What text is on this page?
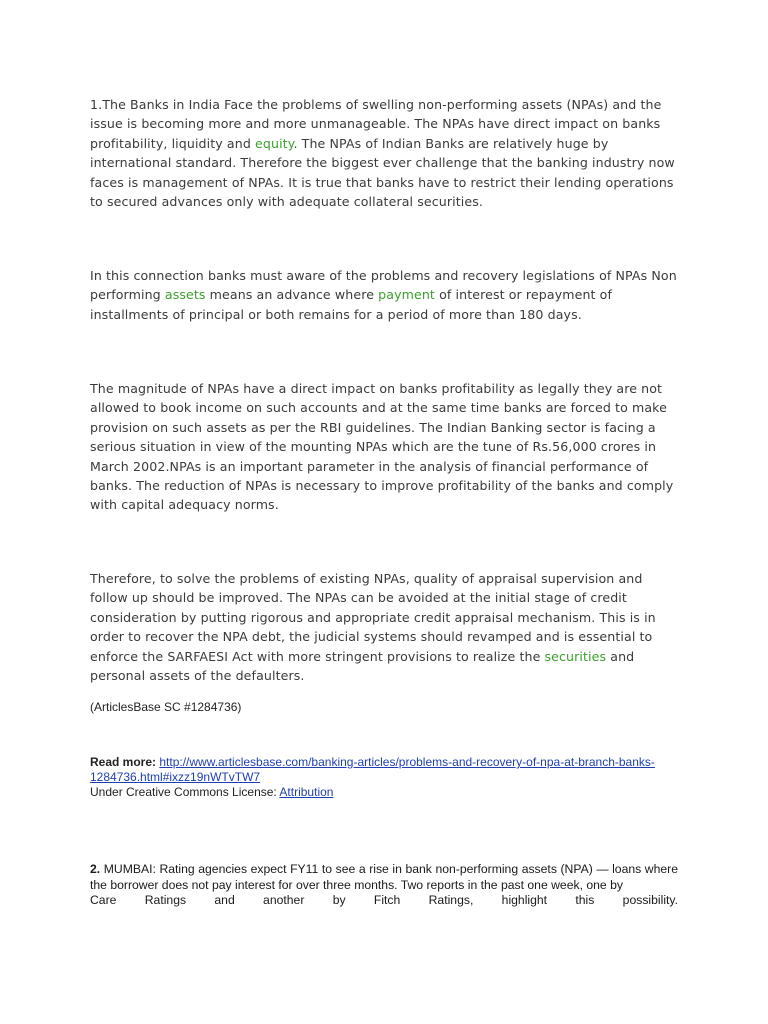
1.The Banks in India Face the problems of swelling non-performing assets (NPAs) and the issue is becoming more and more unmanageable. The NPAs have direct impact on banks profitability, liquidity and equity. The NPAs of Indian Banks are relatively huge by international standard. Therefore the biggest ever challenge that the banking industry now faces is management of NPAs. It is true that banks have to restrict their lending operations to secured advances only with adequate collateral securities.

In this connection banks must aware of the problems and recovery legislations of NPAs Non performing assets means an advance where payment of interest or repayment of installments of principal or both remains for a period of more than 180 days.

The magnitude of NPAs have a direct impact on banks profitability as legally they are not allowed to book income on such accounts and at the same time banks are forced to make provision on such assets as per the RBI guidelines. The Indian Banking sector is facing a serious situation in view of the mounting NPAs which are the tune of Rs.56,000 crores in March 2002.NPAs is an important parameter in the analysis of financial performance of banks. The reduction of NPAs is necessary to improve profitability of the banks and comply with capital adequacy norms.

Therefore, to solve the problems of existing NPAs, quality of appraisal supervision and follow up should be improved. The NPAs can be avoided at the initial stage of credit consideration by putting rigorous and appropriate credit appraisal mechanism. This is in order to recover the NPA debt, the judicial systems should revamped and is essential to enforce the SARFAESI Act with more stringent provisions to realize the securities and personal assets of the defaulters.

(ArticlesBase SC #1284736)
Read more: http://www.articlesbase.com/banking-articles/problems-and-recovery-of-npa-at-branch-banks-1284736.html#ixzz19nWTvTW7
Under Creative Commons License: Attribution
2. MUMBAI: Rating agencies expect FY11 to see a rise in bank non-performing assets (NPA) — loans where the borrower does not pay interest for over three months. Two reports in the past one week, one by
Care Ratings and another by Fitch Ratings, highlight this possibility.
